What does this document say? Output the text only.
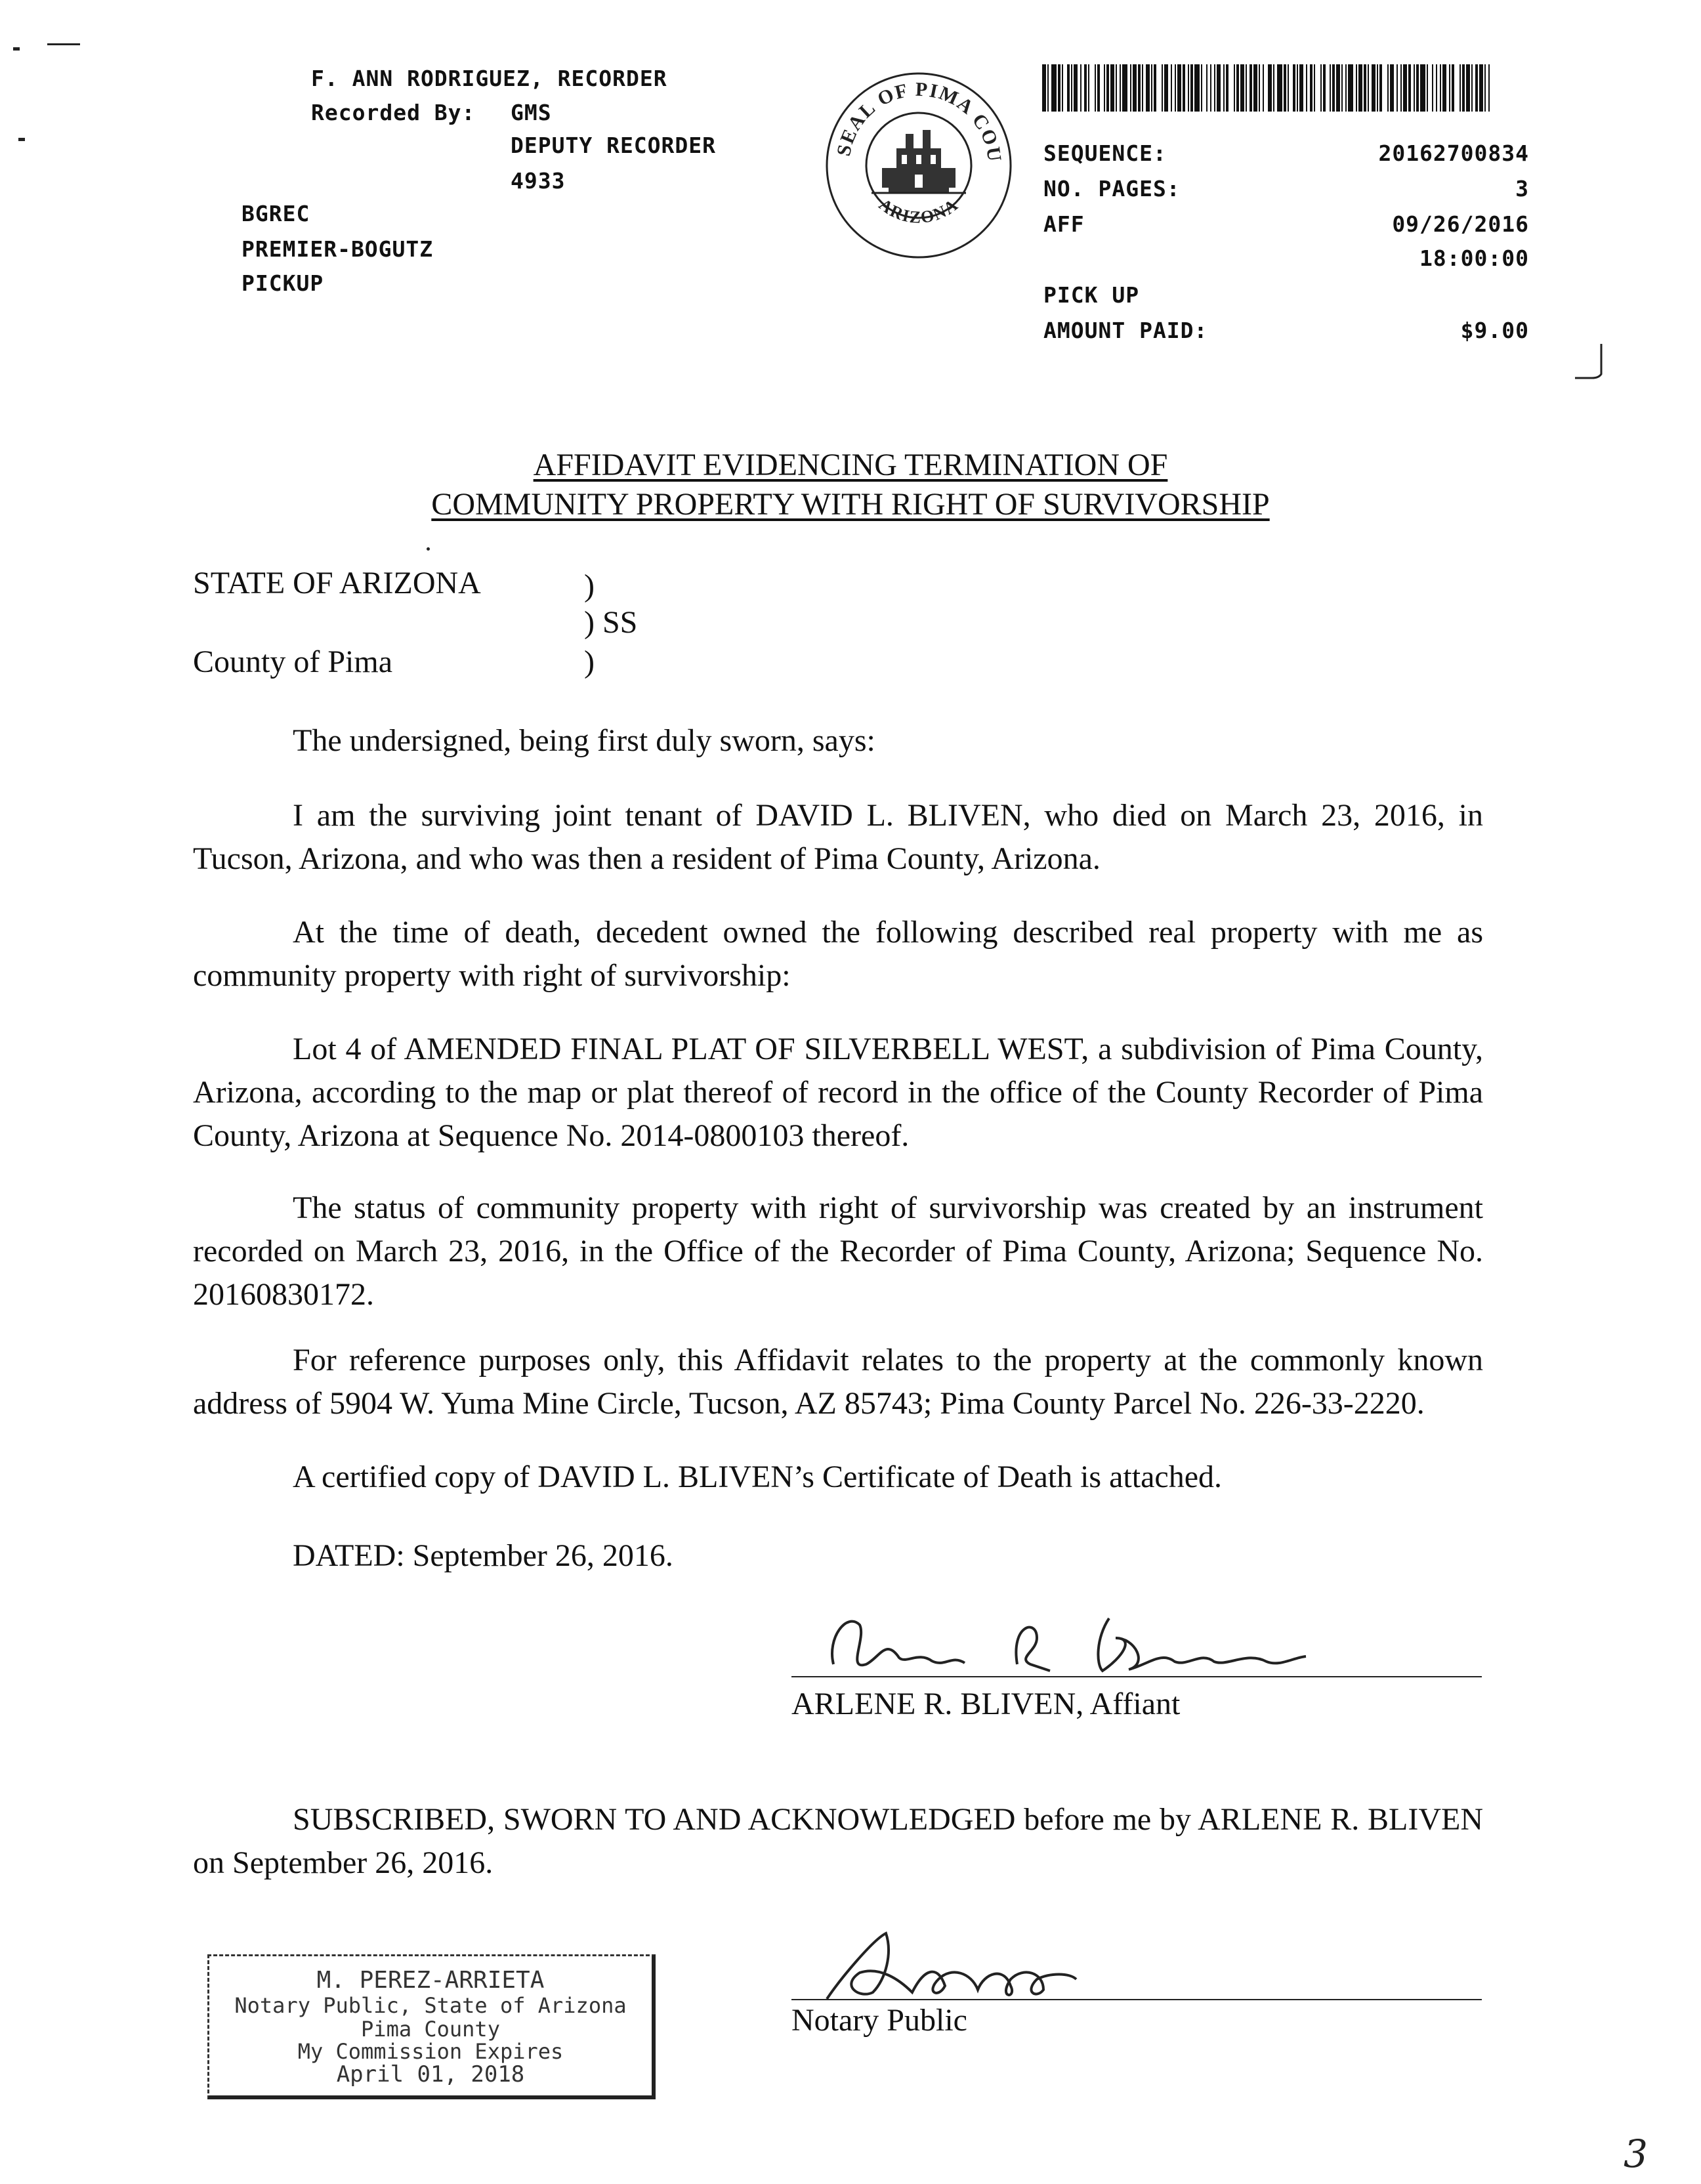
F. ANN RODRIGUEZ, RECORDER
Recorded By: GMS
DEPUTY RECORDER
4933
BGREC
PREMIER-BOGUTZ
PICKUP
SEAL OF PIMA COU
ARIZONA
SEQUENCE:	20162700834
NO. PAGES:	3
AFF	09/26/2016
18:00:00
PICK UP
AMOUNT PAID:	$9.00
AFFIDAVIT EVIDENCING TERMINATION OF
COMMUNITY PROPERTY WITH RIGHT OF SURVIVORSHIP
STATE OF ARIZONA	)
) SS
County of Pima	)
The undersigned, being first duly sworn, says:
I am the surviving joint tenant of DAVID L. BLIVEN, who died on March 23, 2016, in Tucson, Arizona, and who was then a resident of Pima County, Arizona.
At the time of death, decedent owned the following described real property with me as community property with right of survivorship:
Lot 4 of AMENDED FINAL PLAT OF SILVERBELL WEST, a subdivision of Pima County, Arizona, according to the map or plat thereof of record in the office of the County Recorder of Pima County, Arizona at Sequence No. 2014-0800103 thereof.
The status of community property with right of survivorship was created by an instrument recorded on March 23, 2016, in the Office of the Recorder of Pima County, Arizona; Sequence No. 20160830172.
For reference purposes only, this Affidavit relates to the property at the commonly known address of 5904 W. Yuma Mine Circle, Tucson, AZ 85743; Pima County Parcel No. 226-33-2220.
A certified copy of DAVID L. BLIVEN’s Certificate of Death is attached.
DATED: September 26, 2016.
ARLENE R. BLIVEN, Affiant
SUBSCRIBED, SWORN TO AND ACKNOWLEDGED before me by ARLENE R. BLIVEN on September 26, 2016.
M. PEREZ-ARRIETA
Notary Public, State of Arizona
Pima County
My Commission Expires
April 01, 2018
Notary Public
3
